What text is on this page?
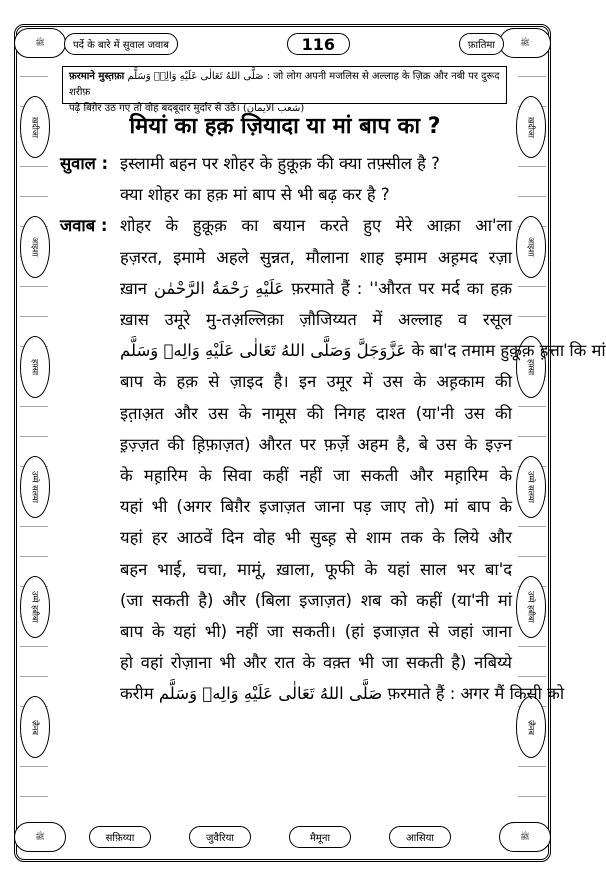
ﷺ	ﷺ
पर्दे के बारे में सुवाल जवाब	116	फ़ातिमा
ख़दीजा
आइशा
हफ़्सा
उम्मे सलमा
उम्मे हबीबा
ज़ैनब
ख़दीजा
आइशा
हफ़्सा
उम्मे सलमा
उम्मे हबीबा
ज़ैनब
फ़रमाने मुस्त़फ़ा صَلَّى اللهُ تَعَالٰى عَلَيْهِ وَالِهٖ وَسَلَّم : जो लोग अपनी मजलिस से अल्लाह के ज़िक्र और नबी पर दुरूद शरीफ़
पढ़े बिग़ैर उठ गए तो वोह बदबूदार मुर्दार से उठे। (شعب الایمان)
मियां का हक़ ज़ियादा या मां बाप का ?
सुवाल : इस्लामी बहन पर शोहर के हुक़ूक़ की क्या तफ़्सील है ?
क्या शोहर का हक़ मां बाप से भी बढ़ कर है ?
जवाब : शोहर के हुक़ूक़ का बयान करते हुए मेरे आक़ा आ'ला
हज़रत, इमामे अहले सुन्नत, मौलाना शाह इमाम अह़मद रज़ा
ख़ान عَلَيْهِ رَحْمَةُ الرَّحْمٰن फ़रमाते हैं : ''औरत पर मर्द का हक़
ख़ास उमूरे मु-तअ़ल्लिक़ा ज़ौजिय्यत में अल्लाह व रसूल
عَزَّوَجَلَّ وَصَلَّى اللهُ تَعَالٰى عَلَيْهِ وَالِهٖ وَسَلَّم के बा'द तमाम हुक़ूक़ ह़त्ता कि मां
बाप के हक़ से ज़ाइद है। इन उमूर में उस के अह़काम की
इत़ाअ़त और उस के नामूस की निगह दाश्त (या'नी उस की
इ़ज़्ज़त की ह़िफ़ाज़त) औरत पर फ़र्ज़े अहम है, बे उस के इज़्न
के मह़ारिम के सिवा कहीं नहीं जा सकती और मह़ारिम के
यहां भी (अगर बिग़ैर इजाज़त जाना पड़ जाए तो) मां बाप के
यहां हर आठवें दिन वोह भी सुब्ह़ से शाम तक के लिये और
बहन भाई, चचा, मामूं, ख़ाला, फूफी के यहां साल भर बा'द
(जा सकती है) और (बिला इजाज़त) शब को कहीं (या'नी मां
बाप के यहां भी) नहीं जा सकती। (हां इजाज़त से जहां जाना
हो वहां रोज़ाना भी और रात के वक़्त भी जा सकती है) नबिय्ये
करीम صَلَّى اللهُ تَعَالٰى عَلَيْهِ وَالِهٖ وَسَلَّم फ़रमाते हैं : अगर मैं किसी को
ﷺ	ﷺ
सफ़िय्या	जुवैरिया	मैमूना	आसिया
